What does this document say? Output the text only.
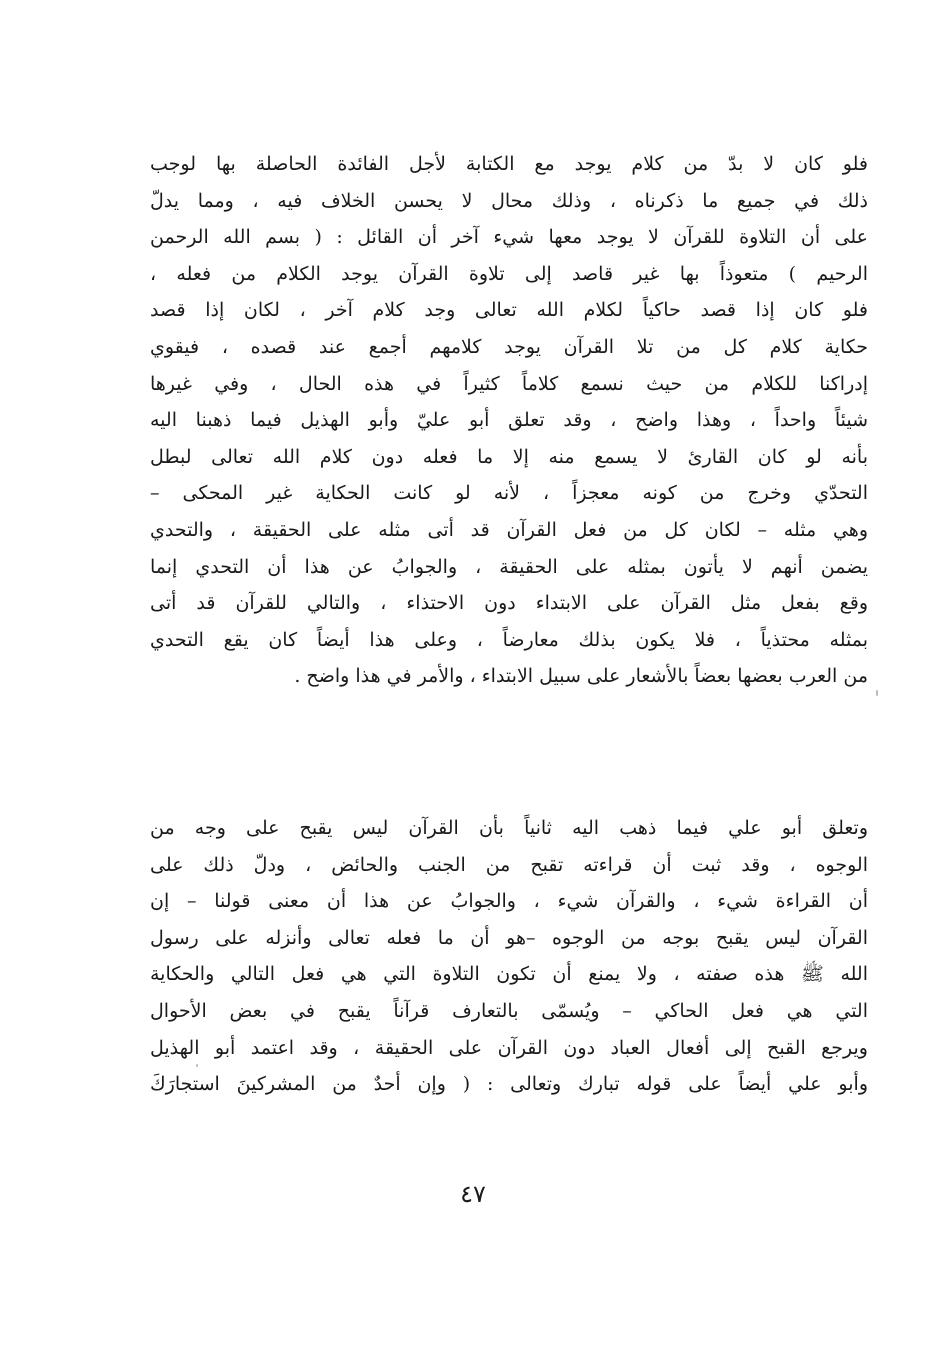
فلو كان لا بدّ من كلام يوجد مع الكتابة لأجل الفائدة الحاصلة بها لوجب
ذلك في جميع ما ذكرناه ، وذلك محال لا يحسن الخلاف فيه ، ومما يدلّ
على أن التلاوة للقرآن لا يوجد معها شيء آخر أن القائل : ( بسم الله الرحمن
الرحيم ) متعوذاً بها غير قاصد إلى تلاوة القرآن يوجد الكلام من فعله ،
فلو كان إذا قصد حاكياً لكلام الله تعالى وجد كلام آخر ، لكان إذا قصد
حكاية كلام كل من تلا القرآن يوجد كلامهم أجمع عند قصده ، فيقوي
إدراكنا للكلام من حيث نسمع كلاماً كثيراً في هذه الحال ، وفي غيرها
شيئاً واحداً ، وهذا واضح ، وقد تعلق أبو عليّ وأبو الهذيل فيما ذهبنا اليه
بأنه لو كان القارئ لا يسمع منه إلا ما فعله دون كلام الله تعالى لبطل
التحدّي وخرج من كونه معجزاً ، لأنه لو كانت الحكاية غير المحكى –
وهي مثله – لكان كل من فعل القرآن قد أتى مثله على الحقيقة ، والتحدي
يضمن أنهم لا يأتون بمثله على الحقيقة ، والجوابُ عن هذا أن التحدي إنما
وقع بفعل مثل القرآن على الابتداء دون الاحتذاء ، والتالي للقرآن قد أتى
بمثله محتذياً ، فلا يكون بذلك معارضاً ، وعلى هذا أيضاً كان يقع التحدي
من العرب بعضها بعضاً بالأشعار على سبيل الابتداء ، والأمر في هذا واضح .
وتعلق أبو علي فيما ذهب اليه ثانياً بأن القرآن ليس يقبح على وجه من
الوجوه ، وقد ثبت أن قراءته تقبح من الجنب والحائض ، ودلّ ذلك على
أن القراءة شيء ، والقرآن شيء ، والجوابُ عن هذا أن معنى قولنا – إن
القرآن ليس يقبح بوجه من الوجوه –هو أن ما فعله تعالى وأنزله على رسول
الله ﷺ هذه صفته ، ولا يمنع أن تكون التلاوة التي هي فعل التالي والحكاية
التي هي فعل الحاكي – ويُسمّى بالتعارف قرآناً يقبح في بعض الأحوال
ويرجع القبح إلى أفعال العباد دون القرآن على الحقيقة ، وقد اعتمد أبو الهذيل
وأبو علي أيضاً على قوله تبارك وتعالى : ( وإن أحدٌ من المشركينَ استجارَكَ
٤٧
